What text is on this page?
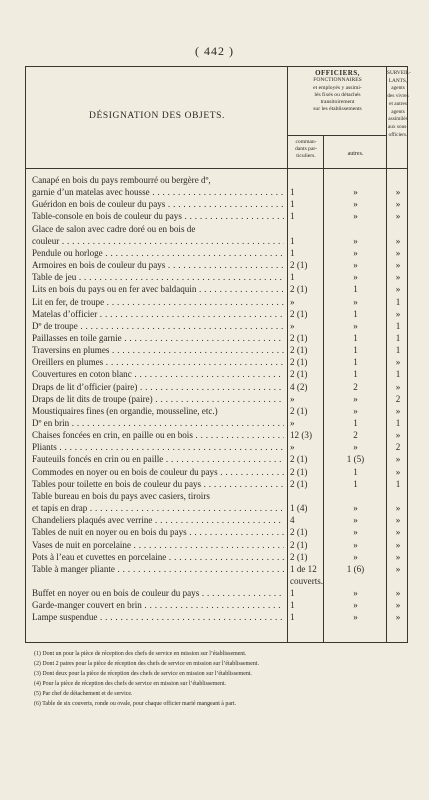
( 442 )
DÉSIGNATION DES OBJETS.
OFFICIERS,
FONCTIONNAIRES
et employés y assimi-
lés fixés ou détachés
transitoirement
sur les établissements
SURVEIL-
LANTS,
agents
des vivres
et autres
agents
assimilés
aux sous-
officiers.
comman-
dants par-
ticuliers.	autres.
Canapé en bois du pays rembourré ou bergère dº,
garnie d’un matelas avec housse . . .	1	»	»
Guéridon en bois de couleur du pays . . .	1	»	»
Table-console en bois de couleur du pays . . .	1	»	»
Glace de salon avec cadre doré ou en bois de
couleur . . .	1	»	»
Pendule ou horloge . . .	1	»	»
Armoires en bois de couleur du pays . . .	2 (1)	»	»
Table de jeu . . .	1	»	»
Lits en bois du pays ou en fer avec baldaquin . . .	2 (1)	1	»
Lit en fer, de troupe . . .	»	»	1
Matelas d’officier . . .	2 (1)	1	»
Dº de troupe . . .	»	»	1
Paillasses en toile garnie . . .	2 (1)	1	1
Traversins en plumes . . .	2 (1)	1	1
Oreillers en plumes . . .	2 (1)	1	»
Couvertures en coton blanc . . .	2 (1)	1	1
Draps de lit d’officier (paire) . . .	4 (2)	2	»
Draps de lit dits de troupe (paire) . . .	»	»	2
Moustiquaires fines (en organdie, mousseline, etc.)	2 (1)	»	»
Dº en brin . . .	»	1	1
Chaises foncées en crin, en paille ou en bois . . .	12 (3)	2	»
Pliants . . .	»	»	2
Fauteuils foncés en crin ou en paille . . .	2 (1)	1 (5)	»
Commodes en noyer ou en bois de couleur du pays . . .	2 (1)	1	»
Tables pour toilette en bois de couleur du pays . . .	2 (1)	1	1
Table bureau en bois du pays avec casiers, tiroirs
et tapis en drap . . .	1 (4)	»	»
Chandeliers plaqués avec verrine . . .	4	»	»
Tables de nuit en noyer ou en bois du pays . . .	2 (1)	»	»
Vases de nuit en porcelaine . . .	2 (1)	»	»
Pots à l’eau et cuvettes en porcelaine . . .	2 (1)	»	»
Table à manger pliante . . .	1 de 12	1 (6)	»
couverts.
Buffet en noyer ou en bois de couleur du pays . . .	1	»	»
Garde-manger couvert en brin . . .	1	»	»
Lampe suspendue . . .	1	»	»
(1) Dont un pour la pièce de réception des chefs de service en mission sur l’établissement.
(2) Dont 2 paires pour la pièce de réception des chefs de service en mission sur l’établissement.
(3) Dont deux pour la pièce de réception des chefs de service en mission sur l’établissement.
(4) Pour la pièce de réception des chefs de service en mission sur l’établissement.
(5) Par chef de détachement et de service.
(6) Table de six couverts, ronde ou ovale, pour chaque officier marié mangeant à part.
